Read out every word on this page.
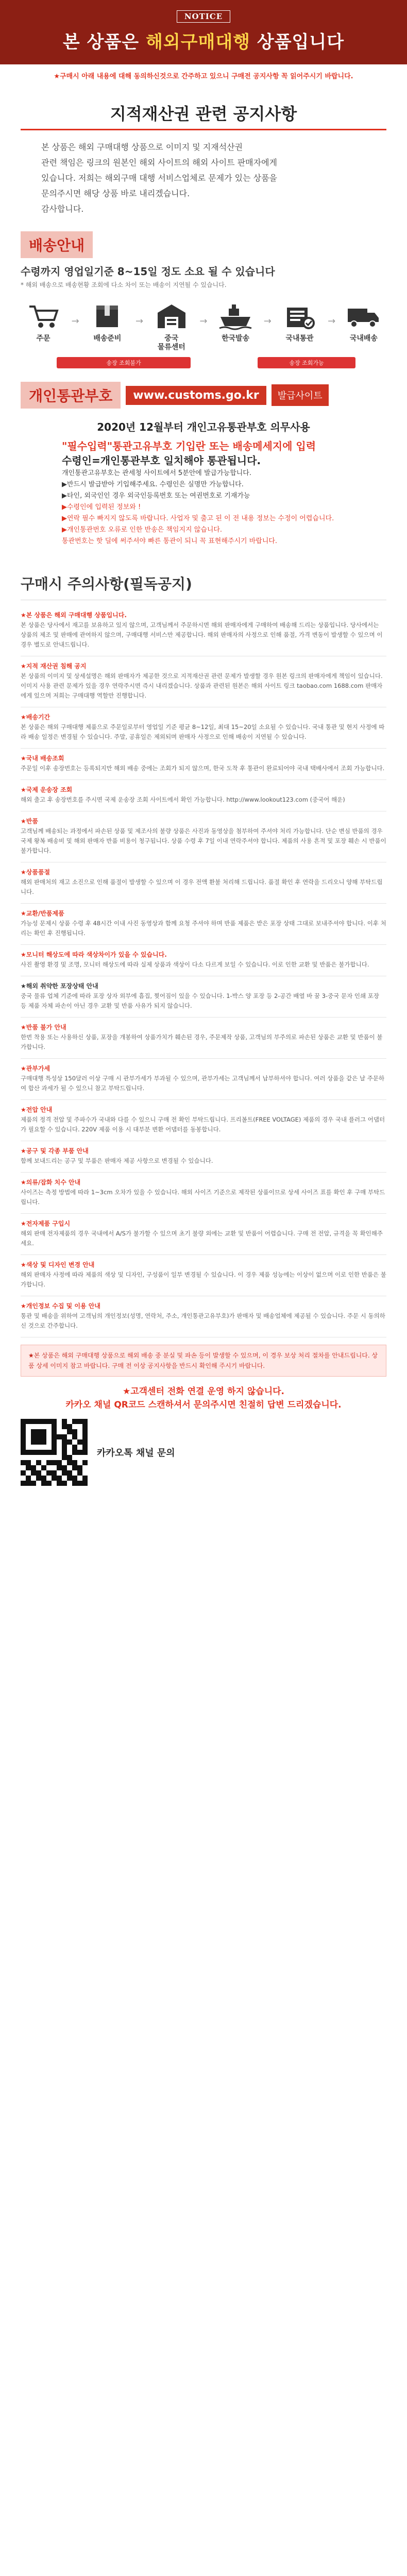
NOTICE
본 상품은 해외구매대행 상품입니다
★구매시 아래 내용에 대해 동의하신것으로 간주하고 있으니 구매전 공지사항 꼭 읽어주시기 바랍니다.
지적재산권 관련 공지사항
본 상품은 해외 구매대행 상품으로 이미지 및 지재석산권
관련 책임은 링크의 원본인 해외 사이트의 해외 사이트 판매자에게
있습니다. 저희는 해외구매 대행 서비스업체로 문제가 있는 상품을
문의주시면 해당 상품 바로 내리겠습니다.
감사합니다.
배송안내
수령까지 영업일기준 8~15일 정도 소요 될 수 있습니다
* 해외 배송으로 배송현황 조회에 다소 차이 또는 배송이 지연될 수 있습니다.
주문
→
배송준비
→
중국
물류센터
→
한국발송
→
국내통관
→
국내배송
송장 조회불가	송장 조회가능
개인통관부호	www.customs.go.kr	발급사이트
2020년 12월부터 개인고유통관부호 의무사용
"필수입력"통관고유부호 기입란 또는 배송메세지에 입력
수령인=개인통관부호 일치해야 통관됩니다.
개인통관고유부호는 관세청 사이트에서 5분안에 발급가능합니다.
▶반드시 발급받아 기입해주세요. 수령인은 실명만 가능합니다.
▶타인, 외국인인 경우 외국인등록번호 또는 여권번호로 기재가능
▶수령인에 입력된 정보와 !
▶연락 필수 빠지지 않도록 바랍니다. 사업자 및 출고 된 이 전 내용 정보는 수정이 어렵습니다.
▶개인통관번호 오류로 인한 반송은 책임지지 않습니다.
통관번호는 핫 딜에 써주셔야 빠른 통관이 되니 꼭 표현해주시기 바랍니다.
구매시 주의사항(필독공지)
★본 상품은 해외 구매대행 상품입니다.

본 상품은 당사에서 재고를 보유하고 있지 않으며, 고객님께서 주문하시면 해외 판매자에게 구매하여 배송해 드리는 상품입니다. 당사에서는 상품의 제조 및 판매에 관여하지 않으며, 구매대행 서비스만 제공합니다. 해외 판매자의 사정으로 인해 품절, 가격 변동이 발생할 수 있으며 이 경우 별도로 안내드립니다.

★지적 재산권 침해 공지

본 상품의 이미지 및 상세설명은 해외 판매자가 제공한 것으로 지적재산권 관련 문제가 발생할 경우 원본 링크의 판매자에게 책임이 있습니다. 이미지 사용 관련 문제가 있을 경우 연락주시면 즉시 내리겠습니다. 상품과 관련된 원본은 해외 사이트 링크 taobao.com 1688.com 판매자에게 있으며 저희는 구매대행 역할만 진행합니다.

★배송기간

본 상품은 해외 구매대행 제품으로 주문일로부터 영업일 기준 평균 8~12일, 최대 15~20일 소요될 수 있습니다. 국내 통관 및 현지 사정에 따라 배송 일정은 변경될 수 있습니다. 주말, 공휴일은 제외되며 판매자 사정으로 인해 배송이 지연될 수 있습니다.

★국내 배송조회

주문일 이후 송장번호는 등록되지만 해외 배송 중에는 조회가 되지 않으며, 한국 도착 후 통관이 완료되어야 국내 택배사에서 조회 가능합니다.

★국제 운송장 조회

해외 출고 후 송장번호를 주시면 국제 운송장 조회 사이트에서 확인 가능합니다. http://www.lookout123.com (중국어 해운)

★반품

고객님께 배송되는 과정에서 파손된 상품 및 제조사의 불량 상품은 사진과 동영상을 첨부하여 주셔야 처리 가능합니다. 단순 변심 반품의 경우 국제 왕복 배송비 및 해외 판매자 반품 비용이 청구됩니다. 상품 수령 후 7일 이내 연락주셔야 합니다. 제품의 사용 흔적 및 포장 훼손 시 반품이 불가합니다.

★상품품절

해외 판매처의 재고 소진으로 인해 품절이 발생할 수 있으며 이 경우 전액 환불 처리해 드립니다. 품절 확인 후 연락을 드리오니 양해 부탁드립니다.

★교환/반품제품

가능성 문제시 상품 수령 후 48시간 이내 사진 동영상과 함께 요청 주셔야 하며 반품 제품은 받은 포장 상태 그대로 보내주셔야 합니다. 이후 처리는 확인 후 진행됩니다.

★모니터 해상도에 따라 색상차이가 있을 수 있습니다.

사진 촬영 환경 및 조명, 모니터 해상도에 따라 실제 상품과 색상이 다소 다르게 보일 수 있습니다. 이로 인한 교환 및 반품은 불가합니다.

★해외 취약한 포장상태 안내

중국 물류 업체 기준에 따라 포장 상자 외부에 흠집, 찢어짐이 있을 수 있습니다. 1-박스 양 포장 등 2-공간 배열 바 꿈 3-중국 문자 인쇄 포장 등 제품 자체 파손이 아닌 경우 교환 및 반품 사유가 되지 않습니다.

★반품 불가 안내

한번 착용 또는 사용하신 상품, 포장을 개봉하여 상품가치가 훼손된 경우, 주문제작 상품, 고객님의 부주의로 파손된 상품은 교환 및 반품이 불가합니다.

★관부가세

구매대행 특성상 150달러 이상 구매 시 관부가세가 부과될 수 있으며, 관부가세는 고객님께서 납부하셔야 합니다. 여러 상품을 같은 날 주문하여 합산 과세가 될 수 있으니 참고 부탁드립니다.

★전압 안내

제품의 정격 전압 및 주파수가 국내와 다를 수 있으니 구매 전 확인 부탁드립니다. 프리볼트(FREE VOLTAGE) 제품의 경우 국내 플러그 어댑터가 필요할 수 있습니다. 220V 제품 이용 시 대부분 변환 어댑터를 동봉합니다.

★공구 및 각종 부품 안내

함께 보내드리는 공구 및 부품은 판매자 제공 사항으로 변경될 수 있습니다.

★의류/잡화 치수 안내

사이즈는 측정 방법에 따라 1~3cm 오차가 있을 수 있습니다. 해외 사이즈 기준으로 제작된 상품이므로 상세 사이즈 표를 확인 후 구매 부탁드립니다.

★전자제품 구입시

해외 판매 전자제품의 경우 국내에서 A/S가 불가할 수 있으며 초기 불량 외에는 교환 및 반품이 어렵습니다. 구매 전 전압, 규격을 꼭 확인해주세요.

★색상 및 디자인 변경 안내

해외 판매자 사정에 따라 제품의 색상 및 디자인, 구성품이 일부 변경될 수 있습니다. 이 경우 제품 성능에는 이상이 없으며 이로 인한 반품은 불가합니다.

★개인정보 수집 및 이용 안내

통관 및 배송을 위하여 고객님의 개인정보(성명, 연락처, 주소, 개인통관고유부호)가 판매자 및 배송업체에 제공될 수 있습니다. 주문 시 동의하신 것으로 간주합니다.

★본 상품은 해외 구매대행 상품으로 해외 배송 중 분실 및 파손 등이 발생할 수 있으며, 이 경우 보상 처리 절차를 안내드립니다. 상품 상세 이미지 참고 바랍니다. 구매 전 이상 공지사항을 반드시 확인해 주시기 바랍니다.
★고객센터 전화 연결 운영 하지 않습니다.
카카오 채널 QR코드 스캔하셔서 문의주시면 친절히 답변 드리겠습니다.
카카오톡 채널 문의
